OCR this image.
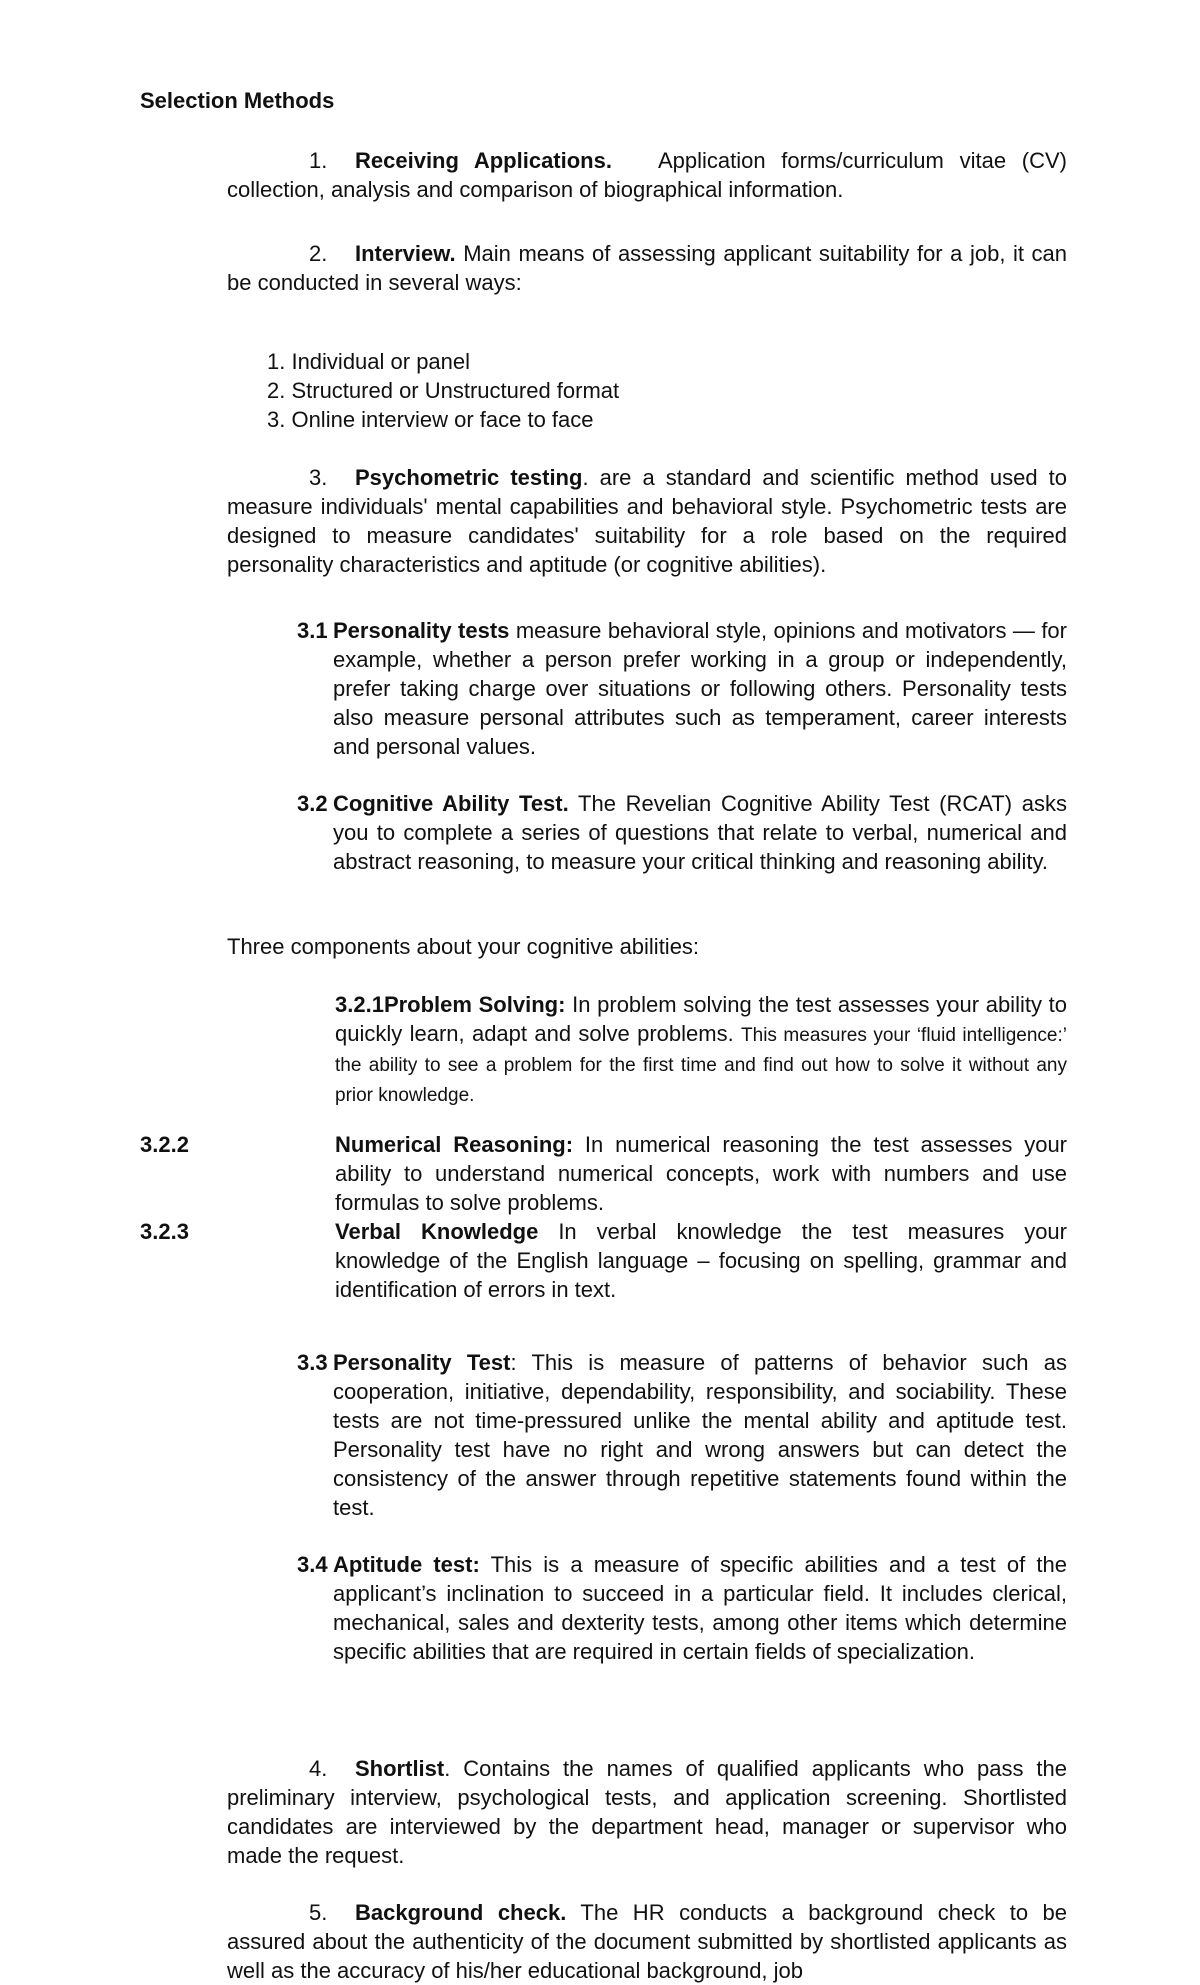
Selection Methods

1. Receiving Applications. Application forms/curriculum vitae (CV) collection, analysis and comparison of biographical information.

2. Interview. Main means of assessing applicant suitability for a job, it can be conducted in several ways:

1. Individual or panel
2. Structured or Unstructured format
3. Online interview or face to face

3. Psychometric testing. are a standard and scientific method used to measure individuals' mental capabilities and behavioral style. Psychometric tests are designed to measure candidates' suitability for a role based on the required personality characteristics and aptitude (or cognitive abilities).

3.1 Personality tests measure behavioral style, opinions and motivators — for example, whether a person prefer working in a group or independently, prefer taking charge over situations or following others. Personality tests also measure personal attributes such as temperament, career interests and personal values.

3.2 Cognitive Ability Test. The Revelian Cognitive Ability Test (RCAT) asks you to complete a series of questions that relate to verbal, numerical and abstract reasoning, to measure your critical thinking and reasoning ability.

Three components about your cognitive abilities:

3.2.1Problem Solving: In problem solving the test assesses your ability to quickly learn, adapt and solve problems. This measures your ‘fluid intelligence:’ the ability to see a problem for the first time and find out how to solve it without any prior knowledge.

3.2.2	Numerical Reasoning: In numerical reasoning the test assesses your ability to understand numerical concepts, work with numbers and use formulas to solve problems.

3.2.3	Verbal Knowledge In verbal knowledge the test measures your knowledge of the English language – focusing on spelling, grammar and identification of errors in text.

3.3 Personality Test: This is measure of patterns of behavior such as cooperation, initiative, dependability, responsibility, and sociability. These tests are not time-pressured unlike the mental ability and aptitude test. Personality test have no right and wrong answers but can detect the consistency of the answer through repetitive statements found within the test.

3.4 Aptitude test: This is a measure of specific abilities and a test of the applicant’s inclination to succeed in a particular field. It includes clerical, mechanical, sales and dexterity tests, among other items which determine specific abilities that are required in certain fields of specialization.

4. Shortlist. Contains the names of qualified applicants who pass the preliminary interview, psychological tests, and application screening. Shortlisted candidates are interviewed by the department head, manager or supervisor who made the request.

5. Background check. The HR conducts a background check to be assured about the authenticity of the document submitted by shortlisted applicants as well as the accuracy of his/her educational background, job
